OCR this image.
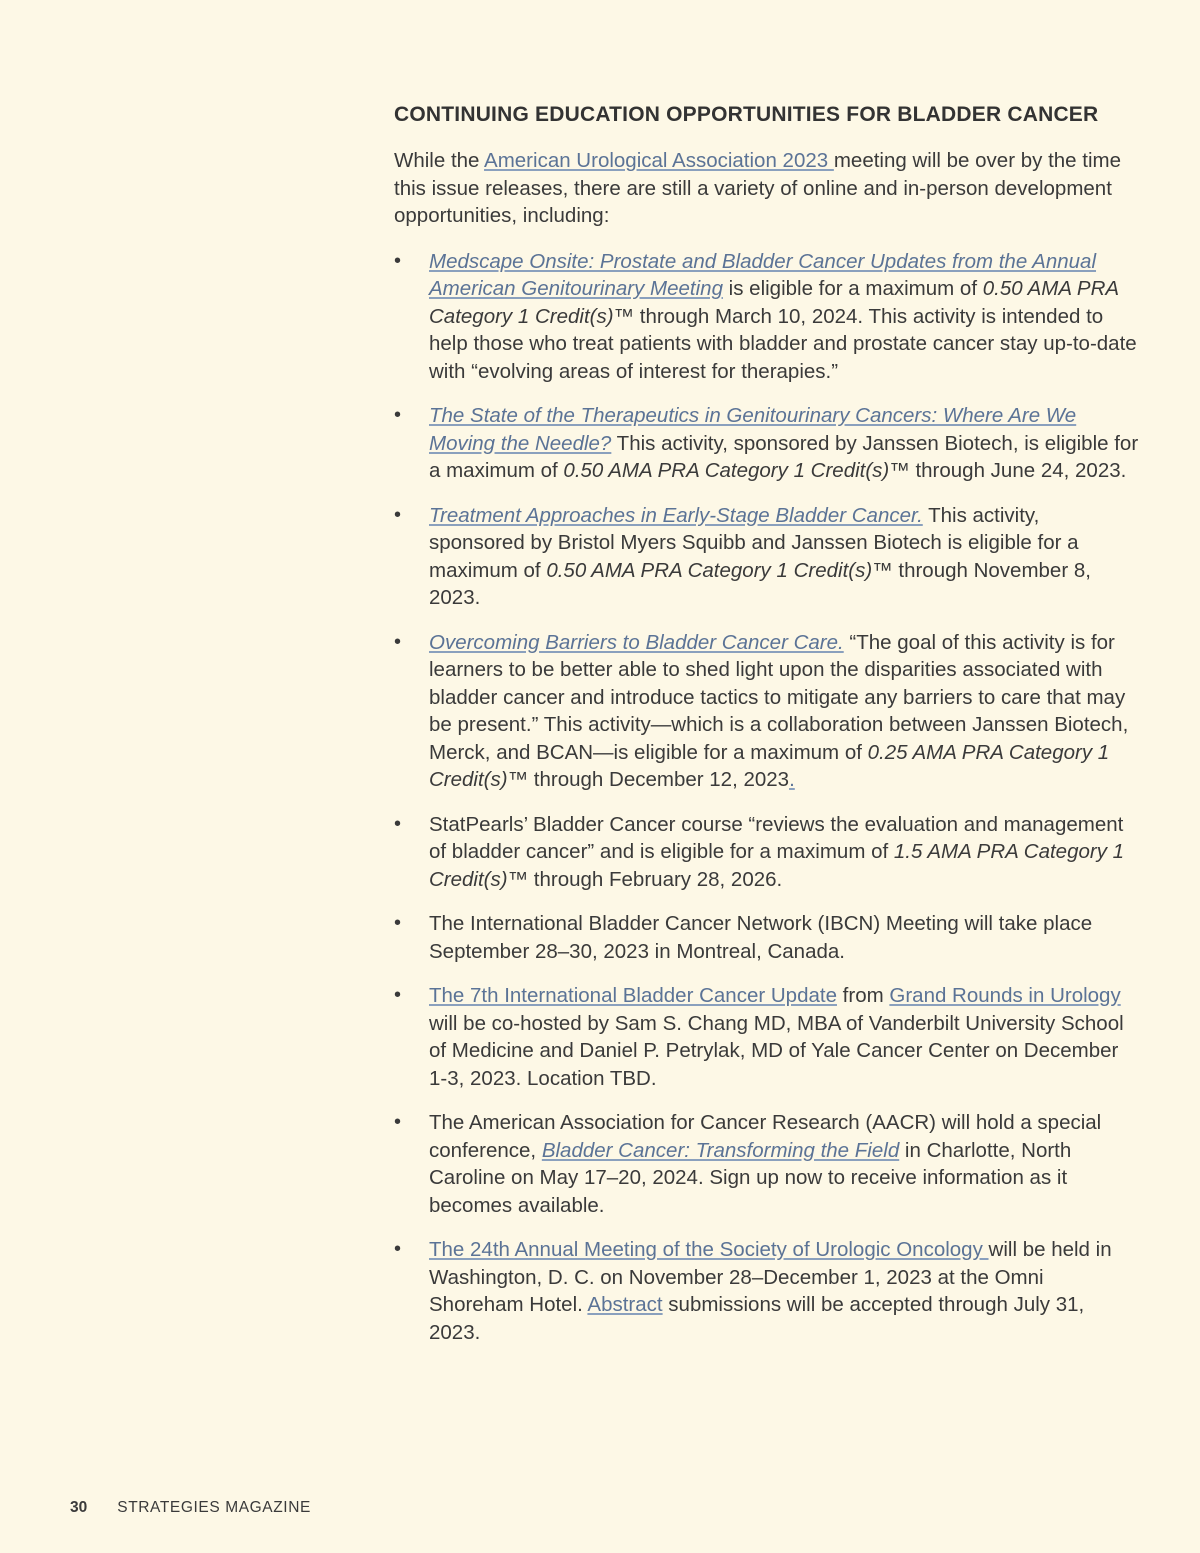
CONTINUING EDUCATION OPPORTUNITIES FOR BLADDER CANCER

While the American Urological Association 2023 meeting will be over by the time this issue releases, there are still a variety of online and in-person development opportunities, including:

• Medscape Onsite: Prostate and Bladder Cancer Updates from the Annual American Genitourinary Meeting is eligible for a maximum of 0.50 AMA PRA Category 1 Credit(s)™ through March 10, 2024. This activity is intended to help those who treat patients with bladder and prostate cancer stay up-to-date with “evolving areas of interest for therapies.”
• The State of the Therapeutics in Genitourinary Cancers: Where Are We Moving the Needle? This activity, sponsored by Janssen Biotech, is eligible for a maximum of 0.50 AMA PRA Category 1 Credit(s)™ through June 24, 2023.
• Treatment Approaches in Early-Stage Bladder Cancer. This activity, sponsored by Bristol Myers Squibb and Janssen Biotech is eligible for a maximum of 0.50 AMA PRA Category 1 Credit(s)™ through November 8, 2023.
• Overcoming Barriers to Bladder Cancer Care. “The goal of this activity is for learners to be better able to shed light upon the disparities associated with bladder cancer and introduce tactics to mitigate any barriers to care that may be present.” This activity—which is a collaboration between Janssen Biotech, Merck, and BCAN—is eligible for a maximum of 0.25 AMA PRA Category 1 Credit(s)™ through December 12, 2023.
• StatPearls’ Bladder Cancer course “reviews the evaluation and management of bladder cancer” and is eligible for a maximum of 1.5 AMA PRA Category 1 Credit(s)™ through February 28, 2026.
• The International Bladder Cancer Network (IBCN) Meeting will take place September 28–30, 2023 in Montreal, Canada.
• The 7th International Bladder Cancer Update from Grand Rounds in Urology will be co-hosted by Sam S. Chang MD, MBA of Vanderbilt University School of Medicine and Daniel P. Petrylak, MD of Yale Cancer Center on December 1-3, 2023. Location TBD.
• The American Association for Cancer Research (AACR) will hold a special conference, Bladder Cancer: Transforming the Field in Charlotte, North Caroline on May 17–20, 2024. Sign up now to receive information as it becomes available.
• The 24th Annual Meeting of the Society of Urologic Oncology will be held in Washington, D. C. on November 28–December 1, 2023 at the Omni Shoreham Hotel. Abstract submissions will be accepted through July 31, 2023.
30 STRATEGIES MAGAZINE
